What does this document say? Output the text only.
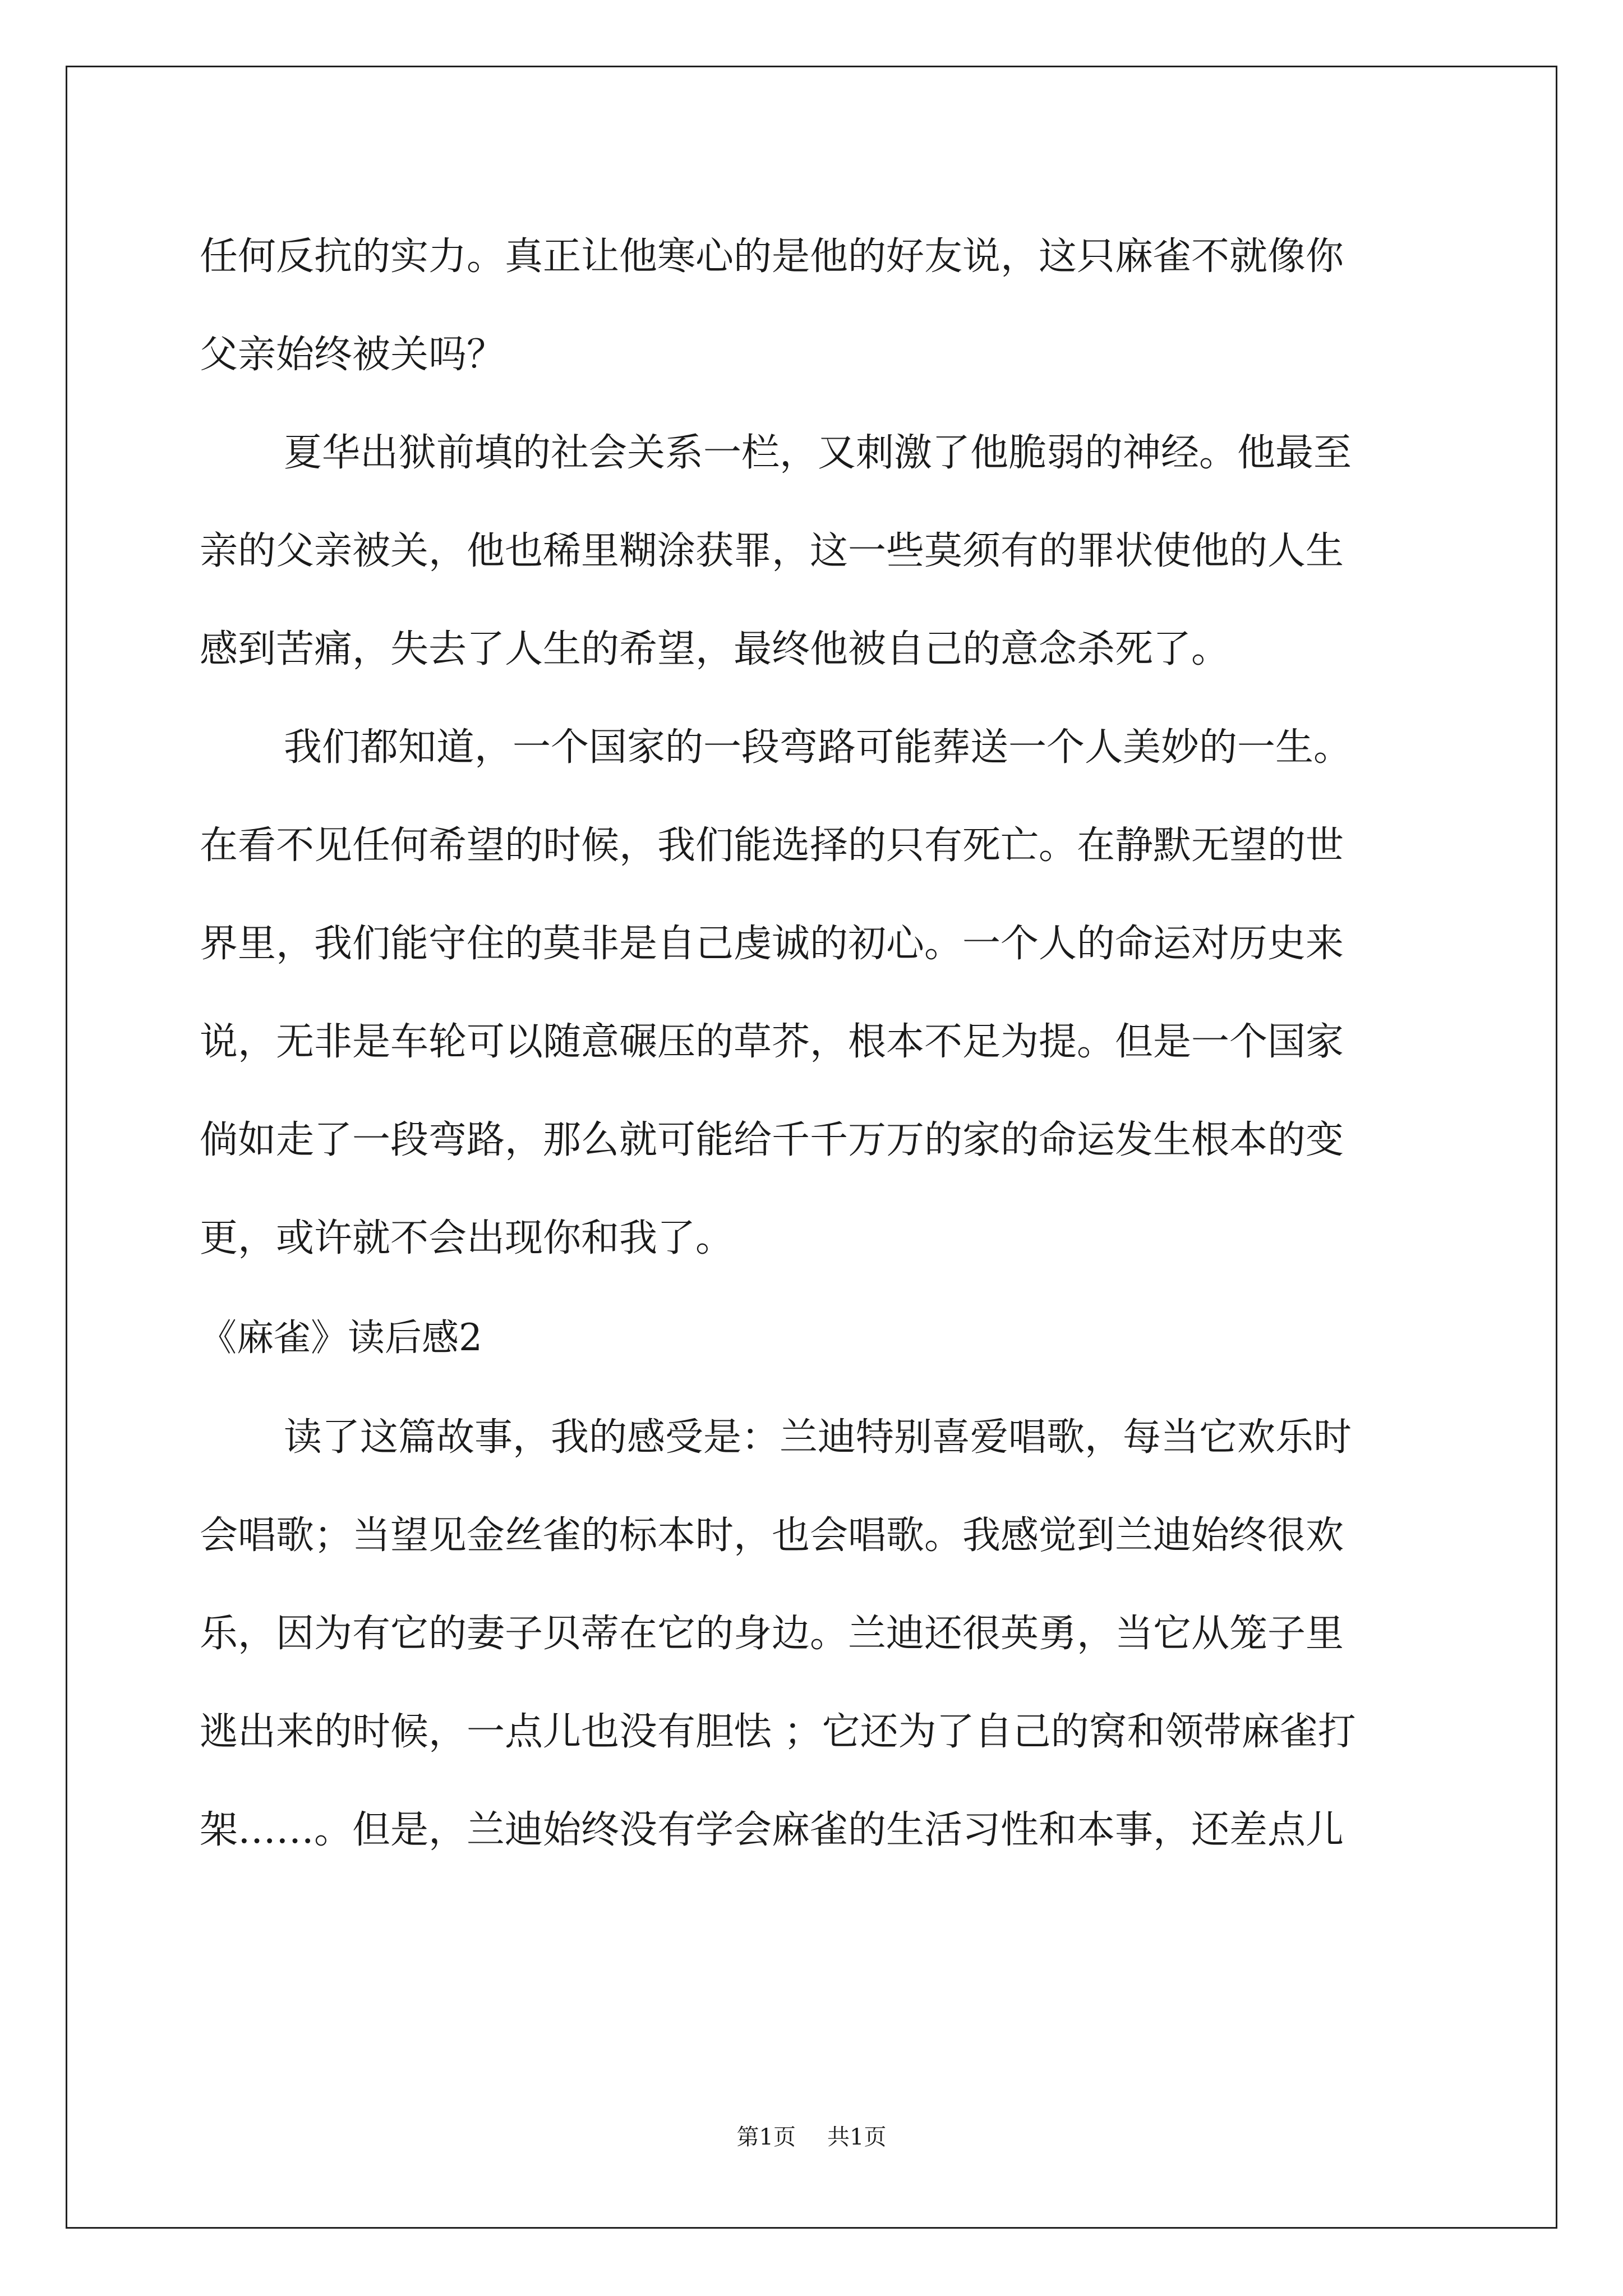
任何反抗的实力。真正让他寒心的是他的好友说，这只麻雀不就像你
父亲始终被关吗？
夏华出狱前填的社会关系一栏，又刺激了他脆弱的神经。他最至
亲的父亲被关，他也稀里糊涂获罪，这一些莫须有的罪状使他的人生
感到苦痛，失去了人生的希望，最终他被自己的意念杀死了。
我们都知道，一个国家的一段弯路可能葬送一个人美妙的一生。
在看不见任何希望的时候，我们能选择的只有死亡。在静默无望的世
界里，我们能守住的莫非是自己虔诚的初心。一个人的命运对历史来
说，无非是车轮可以随意碾压的草芥，根本不足为提。但是一个国家
倘如走了一段弯路，那么就可能给千千万万的家的命运发生根本的变
更，或许就不会出现你和我了。
《麻雀》读后感2
读了这篇故事，我的感受是：兰迪特别喜爱唱歌，每当它欢乐时
会唱歌；当望见金丝雀的标本时，也会唱歌。我感觉到兰迪始终很欢
乐，因为有它的妻子贝蒂在它的身边。兰迪还很英勇，当它从笼子里
逃出来的时候，一点儿也没有胆怯 ；它还为了自己的窝和领带麻雀打
架……。但是，兰迪始终没有学会麻雀的生活习性和本事，还差点儿
第1页 共1页
